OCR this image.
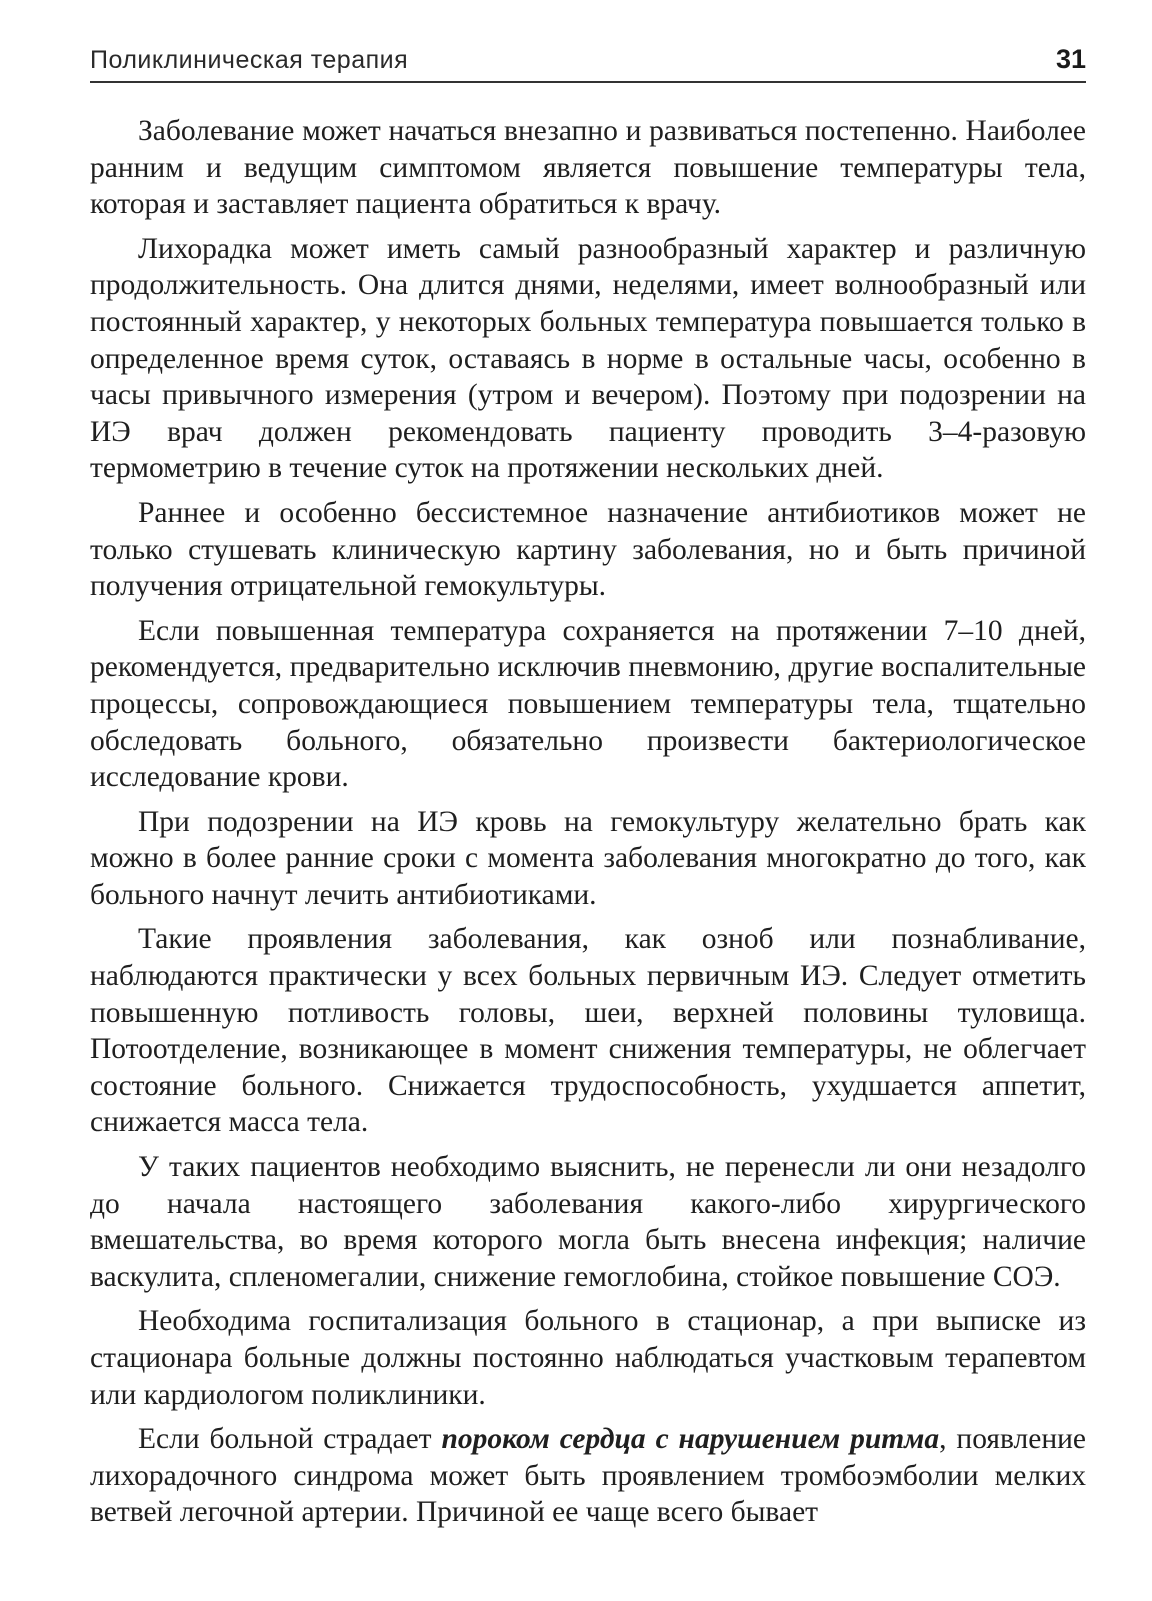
Поликлиническая терапия	31

Заболевание может начаться внезапно и развиваться постепенно. Наиболее ранним и ведущим симптомом является повышение температуры тела, которая и заставляет пациента обратиться к врачу.

Лихорадка может иметь самый разнообразный характер и различную продолжительность. Она длится днями, неделями, имеет волнообразный или постоянный характер, у некоторых больных температура повышается только в определенное время суток, оставаясь в норме в остальные часы, особенно в часы привычного измерения (утром и вечером). Поэтому при подозрении на ИЭ врач должен рекомендовать пациенту проводить 3–4-разовую термометрию в течение суток на протяжении нескольких дней.

Раннее и особенно бессистемное назначение антибиотиков может не только стушевать клиническую картину заболевания, но и быть причиной получения отрицательной гемокультуры.

Если повышенная температура сохраняется на протяжении 7–10 дней, рекомендуется, предварительно исключив пневмонию, другие воспалительные процессы, сопровождающиеся повышением температуры тела, тщательно обследовать больного, обязательно произвести бактериологическое исследование крови.

При подозрении на ИЭ кровь на гемокультуру желательно брать как можно в более ранние сроки с момента заболевания многократно до того, как больного начнут лечить антибиотиками.

Такие проявления заболевания, как озноб или познабливание, наблюдаются практически у всех больных первичным ИЭ. Следует отметить повышенную потливость головы, шеи, верхней половины туловища. Потоотделение, возникающее в момент снижения температуры, не облегчает состояние больного. Снижается трудоспособность, ухудшается аппетит, снижается масса тела.

У таких пациентов необходимо выяснить, не перенесли ли они незадолго до начала настоящего заболевания какого-либо хирургического вмешательства, во время которого могла быть внесена инфекция; наличие васкулита, спленомегалии, снижение гемоглобина, стойкое повышение СОЭ.

Необходима госпитализация больного в стационар, а при выписке из стационара больные должны постоянно наблюдаться участковым терапевтом или кардиологом поликлиники.

Если больной страдает пороком сердца с нарушением ритма, появление лихорадочного синдрома может быть проявлением тромбоэмболии мелких ветвей легочной артерии. Причиной ее чаще всего бывает
